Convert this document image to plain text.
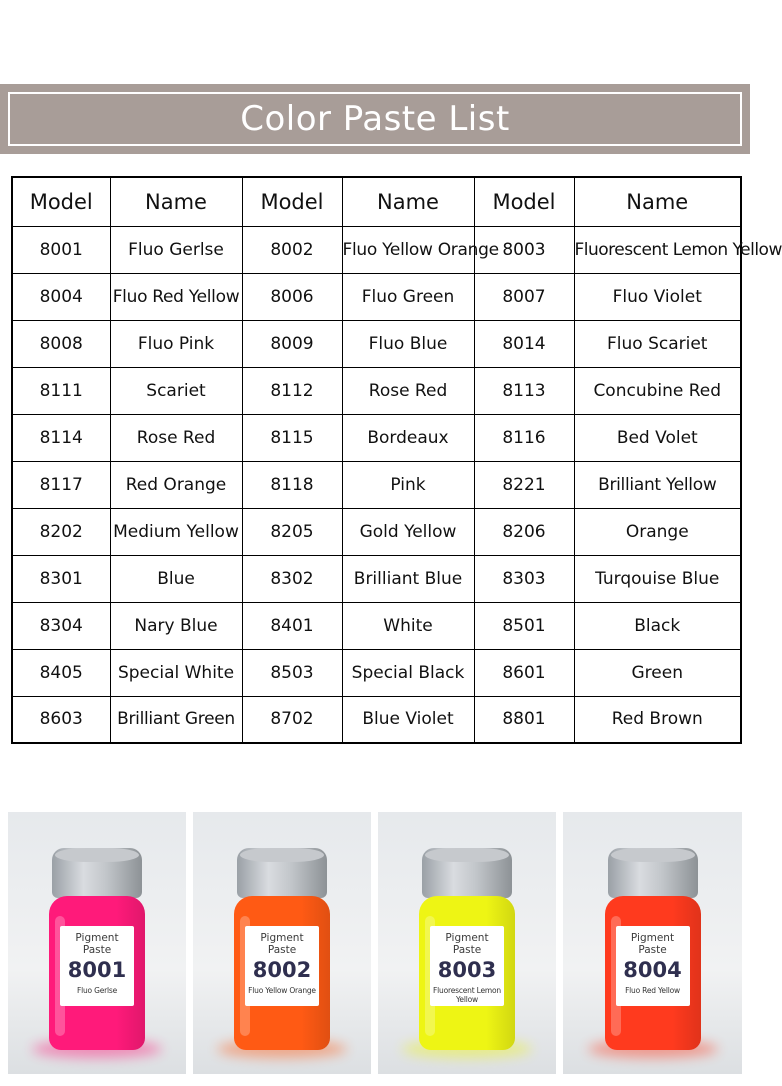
Color Paste List
Model	Name	Model	Name	Model	Name
8001	Fluo Gerlse	8002	Fluo Yellow Orange	8003	Fluorescent Lemon Yellow
8004	Fluo Red Yellow	8006	Fluo Green	8007	Fluo Violet
8008	Fluo Pink	8009	Fluo Blue	8014	Fluo Scariet
8111	Scariet	8112	Rose Red	8113	Concubine Red
8114	Rose Red	8115	Bordeaux	8116	Bed Volet
8117	Red Orange	8118	Pink	8221	Brilliant Yellow
8202	Medium Yellow	8205	Gold Yellow	8206	Orange
8301	Blue	8302	Brilliant Blue	8303	Turqouise Blue
8304	Nary Blue	8401	White	8501	Black
8405	Special White	8503	Special Black	8601	Green
8603	Brilliant Green	8702	Blue Violet	8801	Red Brown
Pigment Paste
8001
Fluo Gerlse
Pigment Paste
8002
Fluo Yellow Orange
Pigment Paste
8003
Fluorescent Lemon Yellow
Pigment Paste
8004
Fluo Red Yellow
